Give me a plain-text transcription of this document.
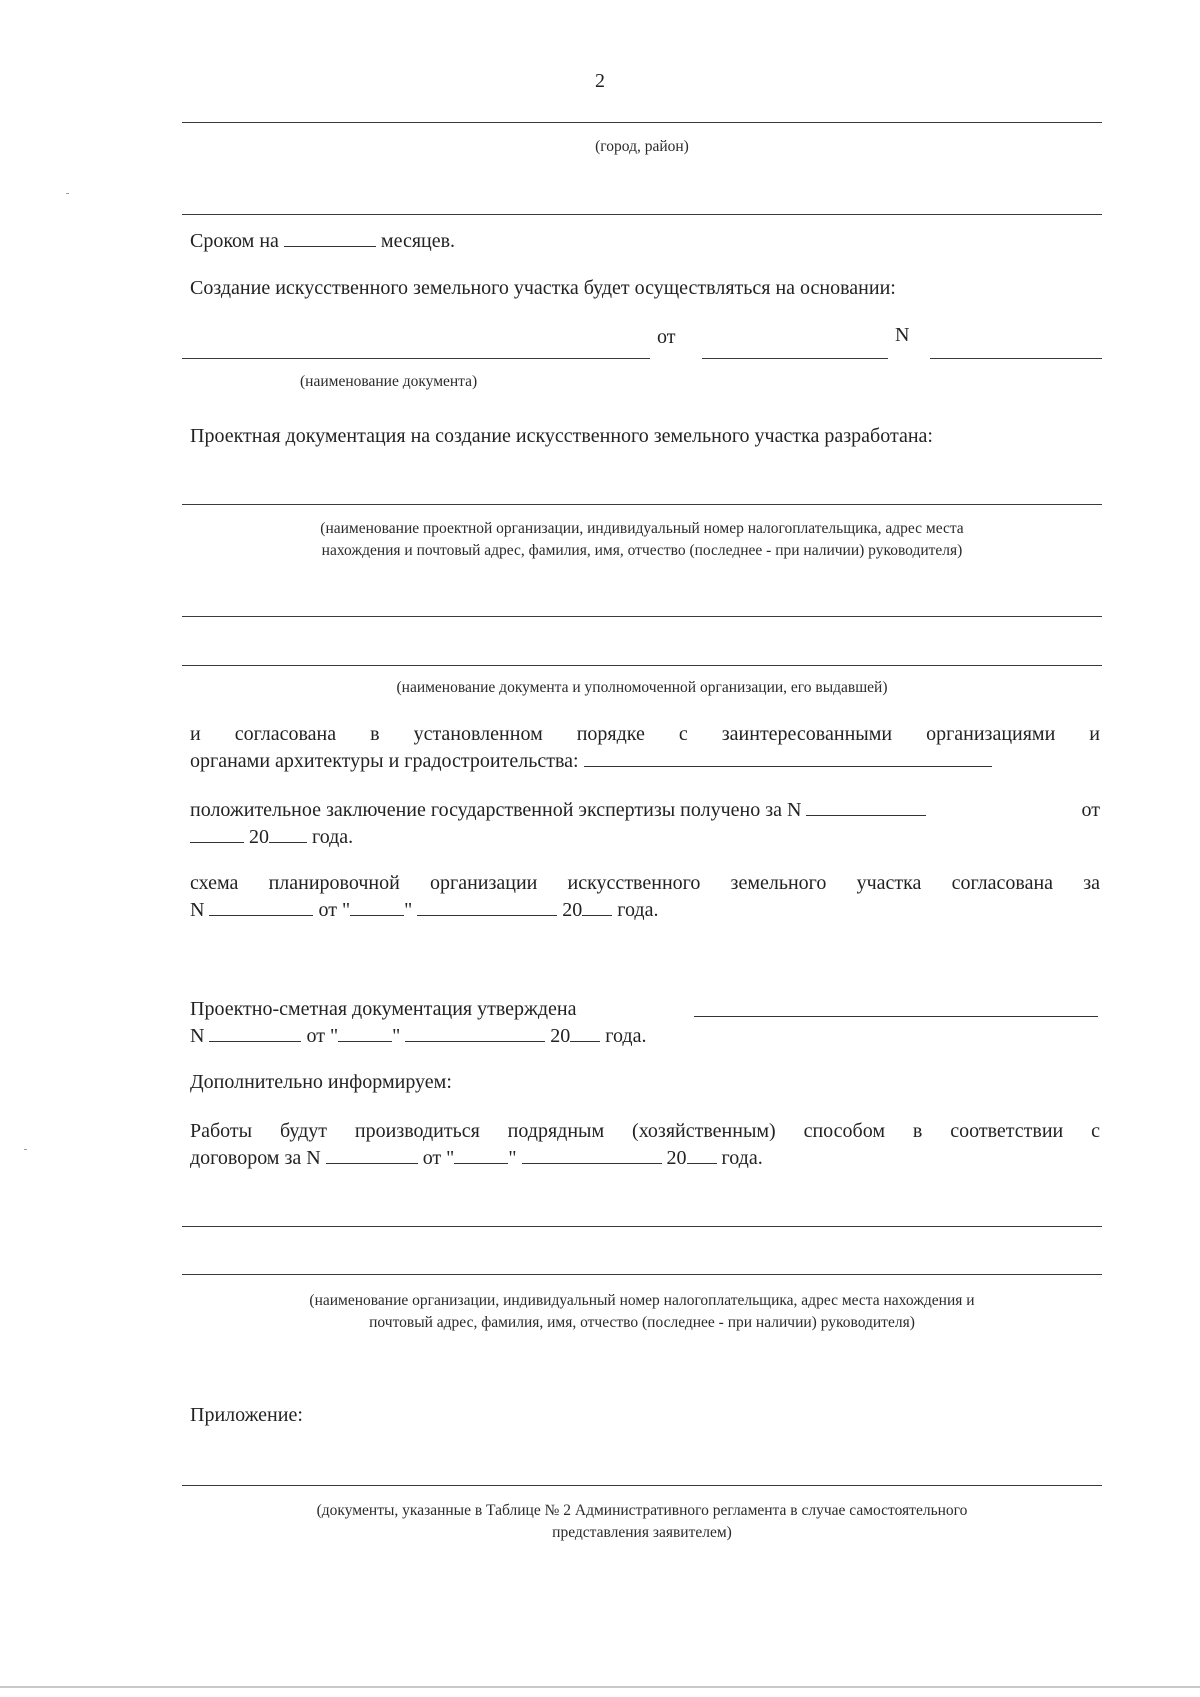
2
(город, район)
Сроком на	месяцев.
Создание искусственного земельного участка будет осуществляться на основании:
от	N
(наименование документа)
Проектная документация на создание искусственного земельного участка разработана:
(наименование проектной организации, индивидуальный номер налогоплательщика, адрес места
нахождения и почтовый адрес, фамилия, имя, отчество (последнее - при наличии) руководителя)
(наименование документа и уполномоченной организации, его выдавшей)
и согласована в установленном порядке с заинтересованными организациями и
органами архитектуры и градостроительства:
положительное заключение государственной экспертизы получено за N	от
20 года.
схема планировочной организации искусственного земельного участка согласована за
N	от "	"	20 года.
Проектно-сметная документация утверждена
N	от "	"	20 года.
Дополнительно информируем:
Работы будут производиться подрядным (хозяйственным) способом в соответствии с
договором за N	от "	"	20 года.
(наименование организации, индивидуальный номер налогоплательщика, адрес места нахождения и
почтовый адрес, фамилия, имя, отчество (последнее - при наличии) руководителя)
Приложение:
(документы, указанные в Таблице № 2 Административного регламента в случае самостоятельного
представления заявителем)
